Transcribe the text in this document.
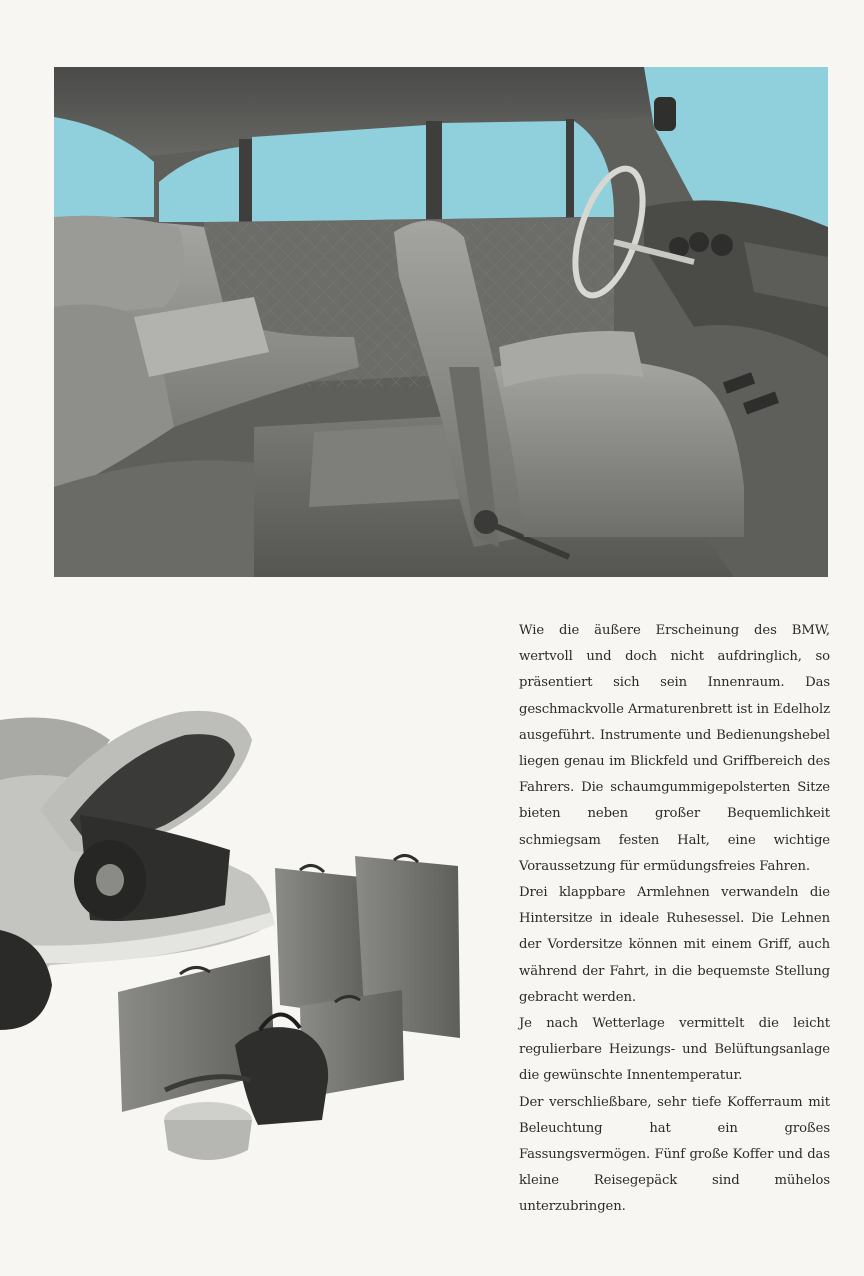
Wie die äußere Erscheinung des BMW, wertvoll und doch nicht aufdringlich, so präsentiert sich sein Innenraum. Das geschmackvolle Armaturenbrett ist in Edelholz ausgeführt. Instrumente und Bedienungshebel liegen genau im Blickfeld und Griffbereich des Fahrers. Die schaumgummigepolsterten Sitze bieten neben großer Bequemlichkeit schmiegsam festen Halt, eine wichtige Voraussetzung für ermüdungsfreies Fahren.

Drei klappbare Armlehnen verwandeln die Hintersitze in ideale Ruhesessel. Die Lehnen der Vordersitze können mit einem Griff, auch während der Fahrt, in die bequemste Stellung gebracht werden.

Je nach Wetterlage vermittelt die leicht regulierbare Heizungs- und Belüftungsanlage die gewünschte Innentemperatur.

Der verschließbare, sehr tiefe Kofferraum mit Beleuchtung hat ein großes Fassungsvermögen. Fünf große Koffer und das kleine Reisegepäck sind mühelos unterzubringen.
